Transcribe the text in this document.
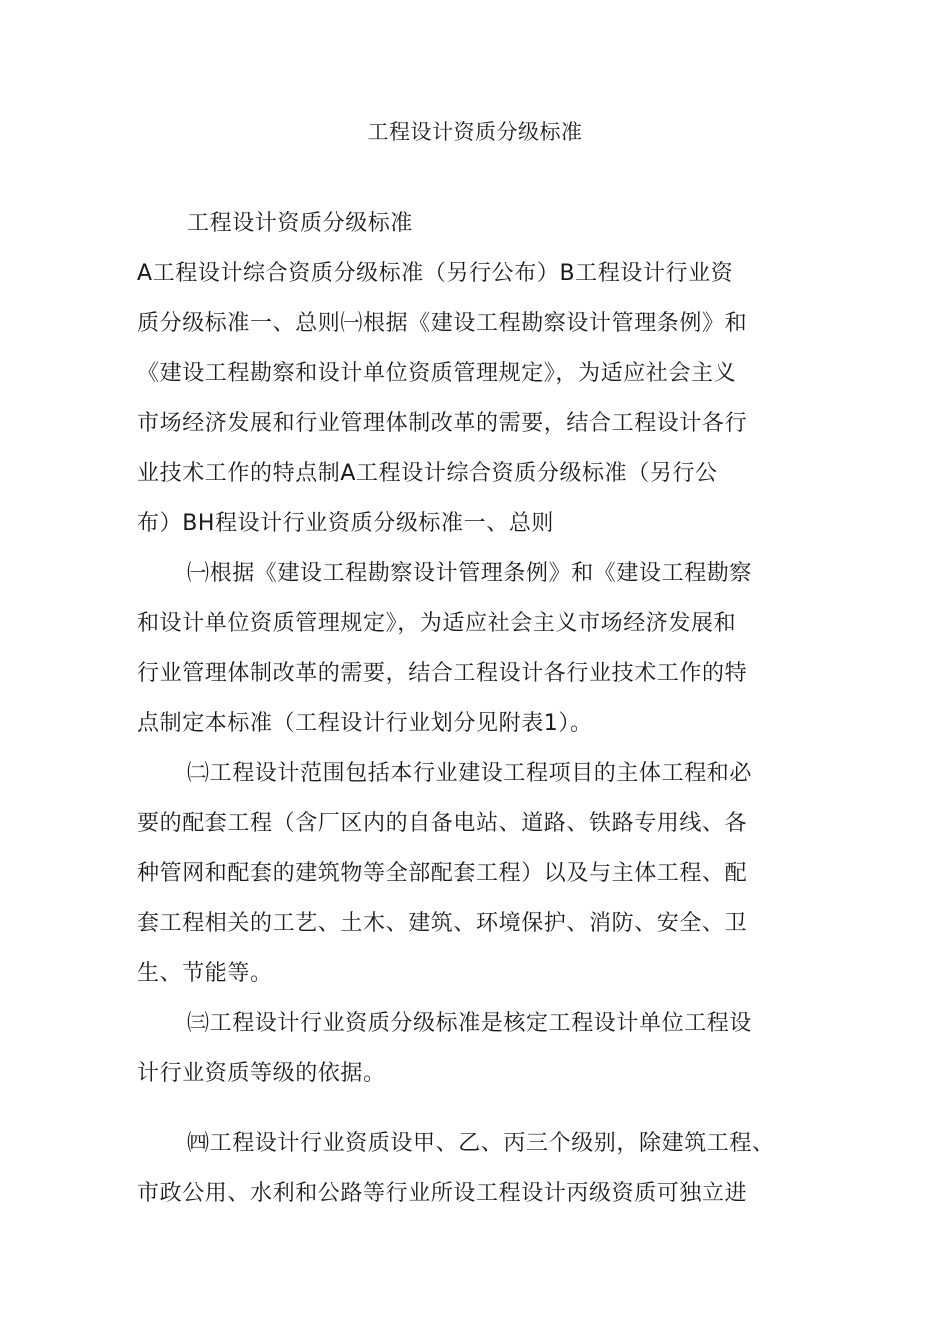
工程设计资质分级标准
工程设计资质分级标准
A工程设计综合资质分级标准（另行公布）B工程设计行业资
质分级标准一、总则㈠根据《建设工程勘察设计管理条例》和
《建设工程勘察和设计单位资质管理规定》，为适应社会主义
市场经济发展和行业管理体制改革的需要，结合工程设计各行
业技术工作的特点制A工程设计综合资质分级标准（另行公
布）BH程设计行业资质分级标准一、总则
㈠根据《建设工程勘察设计管理条例》和《建设工程勘察
和设计单位资质管理规定》，为适应社会主义市场经济发展和
行业管理体制改革的需要，结合工程设计各行业技术工作的特
点制定本标准（工程设计行业划分见附表1）。
㈡工程设计范围包括本行业建设工程项目的主体工程和必
要的配套工程（含厂区内的自备电站、道路、铁路专用线、各
种管网和配套的建筑物等全部配套工程）以及与主体工程、配
套工程相关的工艺、土木、建筑、环境保护、消防、安全、卫
生、节能等。
㈢工程设计行业资质分级标准是核定工程设计单位工程设
计行业资质等级的依据。
㈣工程设计行业资质设甲、乙、丙三个级别，除建筑工程、
市政公用、水利和公路等行业所设工程设计丙级资质可独立进
